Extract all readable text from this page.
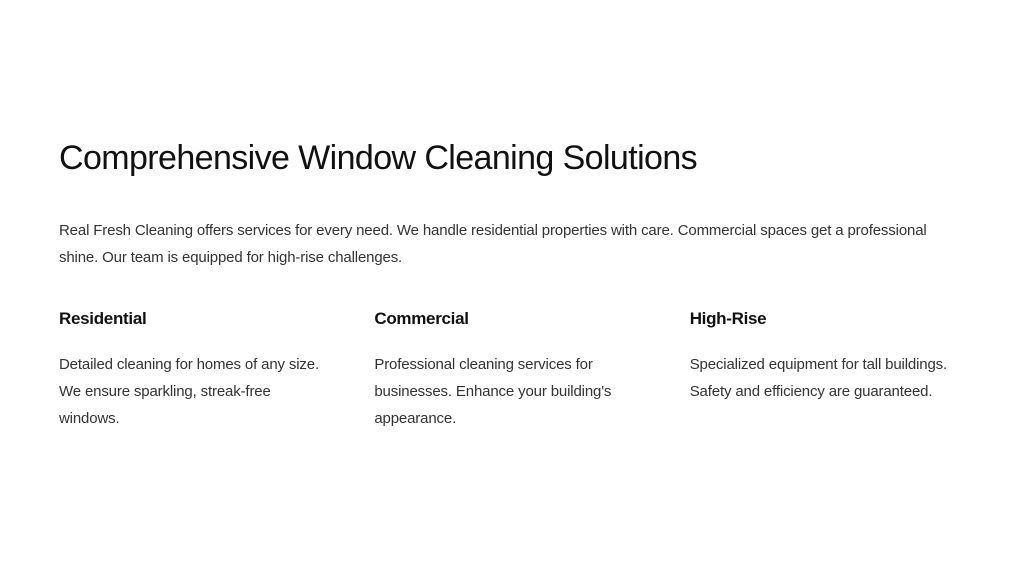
Comprehensive Window Cleaning Solutions
Real Fresh Cleaning offers services for every need. We handle residential properties with care. Commercial spaces get a professional shine. Our team is equipped for high-rise challenges.
Residential
Detailed cleaning for homes of any size. We ensure sparkling, streak-free windows.
Commercial
Professional cleaning services for businesses. Enhance your building's appearance.
High-Rise
Specialized equipment for tall buildings. Safety and efficiency are guaranteed.
